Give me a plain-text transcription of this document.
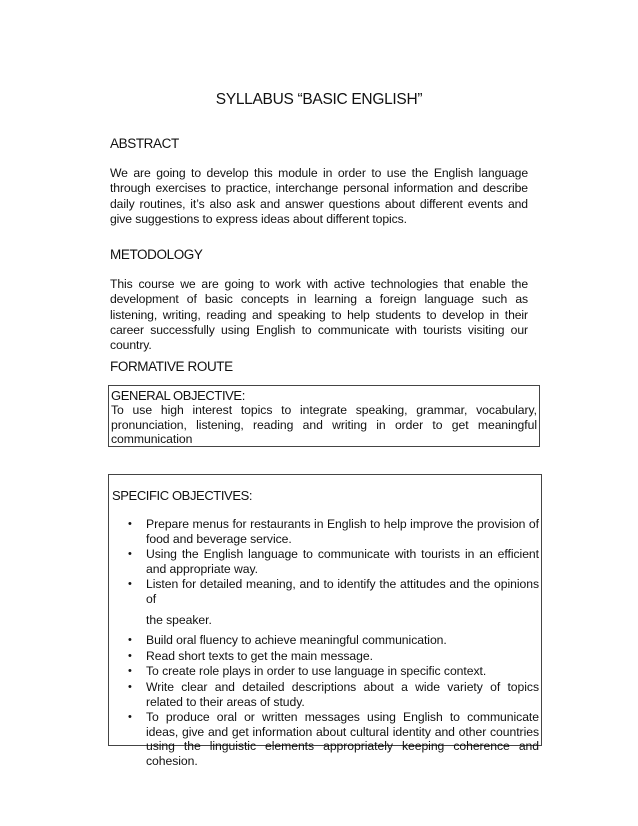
SYLLABUS “BASIC ENGLISH”
ABSTRACT
We are going to develop this module in order to use the English language through exercises to practice, interchange personal information and describe daily routines, it’s also ask and answer questions about different events and give suggestions to express ideas about different topics.
METODOLOGY
This course we are going to work with active technologies that enable the development of basic concepts in learning a foreign language such as listening, writing, reading and speaking to help students to develop in their career successfully using English to communicate with tourists visiting our country.
FORMATIVE ROUTE
GENERAL OBJECTIVE:
To use high interest topics to integrate speaking, grammar, vocabulary, pronunciation, listening, reading and writing in order to get meaningful communication
SPECIFIC OBJECTIVES:
• Prepare menus for restaurants in English to help improve the provision of food and beverage service.
• Using the English language to communicate with tourists in an efficient and appropriate way.
• Listen for detailed meaning, and to identify the attitudes and the opinions of
the speaker.
• Build oral fluency to achieve meaningful communication.
• Read short texts to get the main message.
• To create role plays in order to use language in specific context.
• Write clear and detailed descriptions about a wide variety of topics related to their areas of study.
• To produce oral or written messages using English to communicate ideas, give and get information about cultural identity and other countries using the linguistic elements appropriately keeping coherence and cohesion.
